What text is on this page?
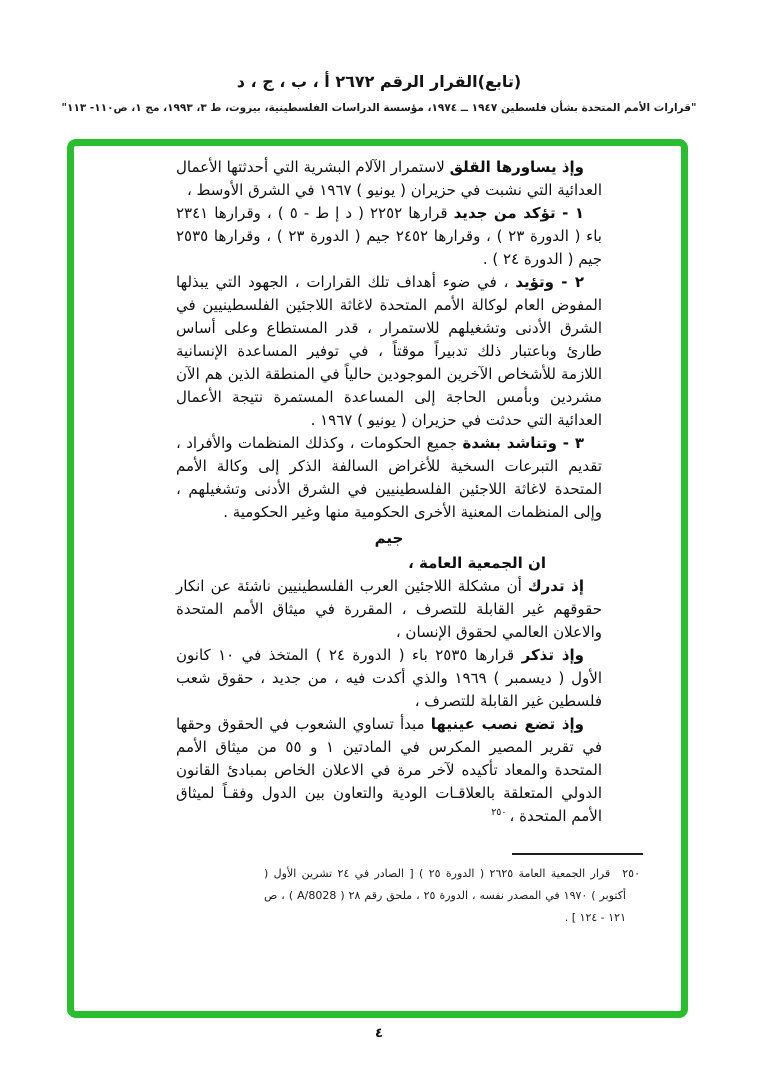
(تابع)القرار الرقم ٢٦٧٢ أ ، ب ، ج ، د
"قرارات الأمم المتحدة بشأن فلسطين ١٩٤٧ ــ ١٩٧٤، مؤسسة الدراسات الفلسطينية، بيروت، ط ٣، ١٩٩٣، مج ١، ص١١٠- ١١٣"

وإذ يساورها القلق لاستمرار الآلام البشرية التي أحدثتها الأعمال العدائية التي نشبت في حزيران ( يونيو ) ١٩٦٧ في الشرق الأوسط ،

١ - تؤكد من جديد قرارها ٢٢٥٢ ( د إ ط - ٥ ) ، وقرارها ٢٣٤١ باء ( الدورة ٢٣ ) ، وقرارها ٢٤٥٢ جيم ( الدورة ٢٣ ) ، وقرارها ٢٥٣٥ جيم ( الدورة ٢٤ ) .

٢ - وتؤيد ، في ضوء أهداف تلك القرارات ، الجهود التي يبذلها المفوض العام لوكالة الأمم المتحدة لاغاثة اللاجئين الفلسطينيين في الشرق الأدنى وتشغيلهم للاستمرار ، قدر المستطاع وعلى أساس طارئ وباعتبار ذلك تدبيراً موقتاً ، في توفير المساعدة الإنسانية اللازمة للأشخاص الآخرين الموجودين حالياً في المنطقة الذين هم الآن مشردين وبأمس الحاجة إلى المساعدة المستمرة نتيجة الأعمال العدائية التي حدثت في حزيران ( يونيو ) ١٩٦٧ .

٣ - وتناشد بشدة جميع الحكومات ، وكذلك المنظمات والأفراد ، تقديم التبرعات السخية للأغراض السالفة الذكر إلى وكالة الأمم المتحدة لاغاثة اللاجئين الفلسطينيين في الشرق الأدنى وتشغيلهم ، وإلى المنظمات المعنية الأخرى الحكومية منها وغير الحكومية .

جيم

ان الجمعية العامة ،

إذ تدرك أن مشكلة اللاجئين العرب الفلسطينيين ناشئة عن انكار حقوقهم غير القابلة للتصرف ، المقررة في ميثاق الأمم المتحدة والاعلان العالمي لحقوق الإنسان ،

وإذ تذكر قرارها ٢٥٣٥ باء ( الدورة ٢٤ ) المتخذ في ١٠ كانون الأول ( ديسمبر ) ١٩٦٩ والذي أكدت فيه ، من جديد ، حقوق شعب فلسطين غير القابلة للتصرف ،

وإذ تضع نصب عينيها مبدأ تساوي الشعوب في الحقوق وحقها في تقرير المصير المكرس في المادتين ١ و ٥٥ من ميثاق الأمم المتحدة والمعاد تأكيده لآخر مرة في الاعلان الخاص بمبادئ القانون الدولي المتعلقة بالعلاقـات الودية والتعاون بين الدول وفقـاً لميثاق الأمم المتحدة ، $^{٢٥٠}$

٢٥٠قرار الجمعية العامة ٢٦٢٥ ( الدورة ٢٥ ) [ الصادر في ٢٤ تشرين الأول ( أكتوبر ) ١٩٧٠ في المصدر نفسه ، الدورة ٢٥ ، ملحق رقم ٢٨ ( A/8028 ) ، ص ١٢١ - ١٢٤ ] .
٤
